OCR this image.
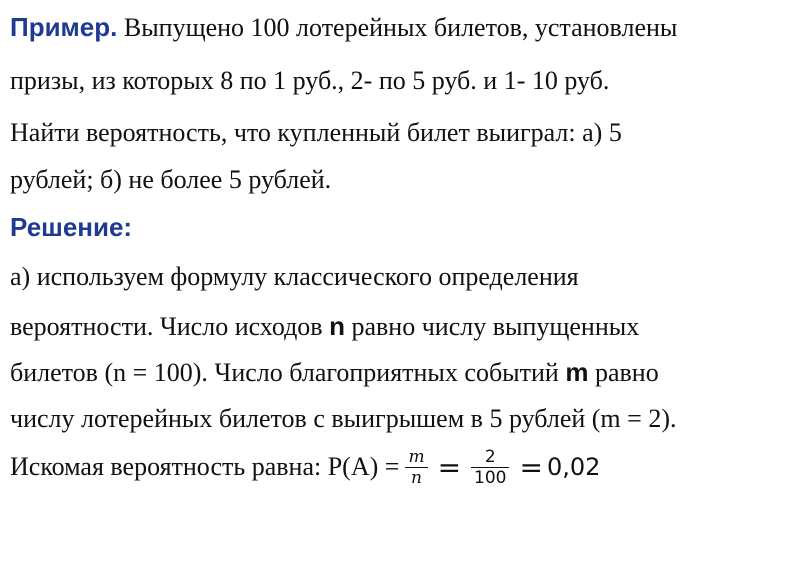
Пример. Выпущено 100 лотерейных билетов, установлены
призы, из которых 8 по 1 руб., 2- по 5 руб. и 1- 10 руб.
Найти вероятность, что купленный билет выиграл: а) 5
рублей; б) не более 5 рублей.
Решение:
а) используем формулу классического определения
вероятности. Число исходов n равно числу выпущенных
билетов (n = 100). Число благоприятных событий m равно
числу лотерейных билетов с выигрышем в 5 рублей (m = 2).
Искомая вероятность равна: $P(A) = \frac{m}{n} = \frac{2}{100} = 0,02$
